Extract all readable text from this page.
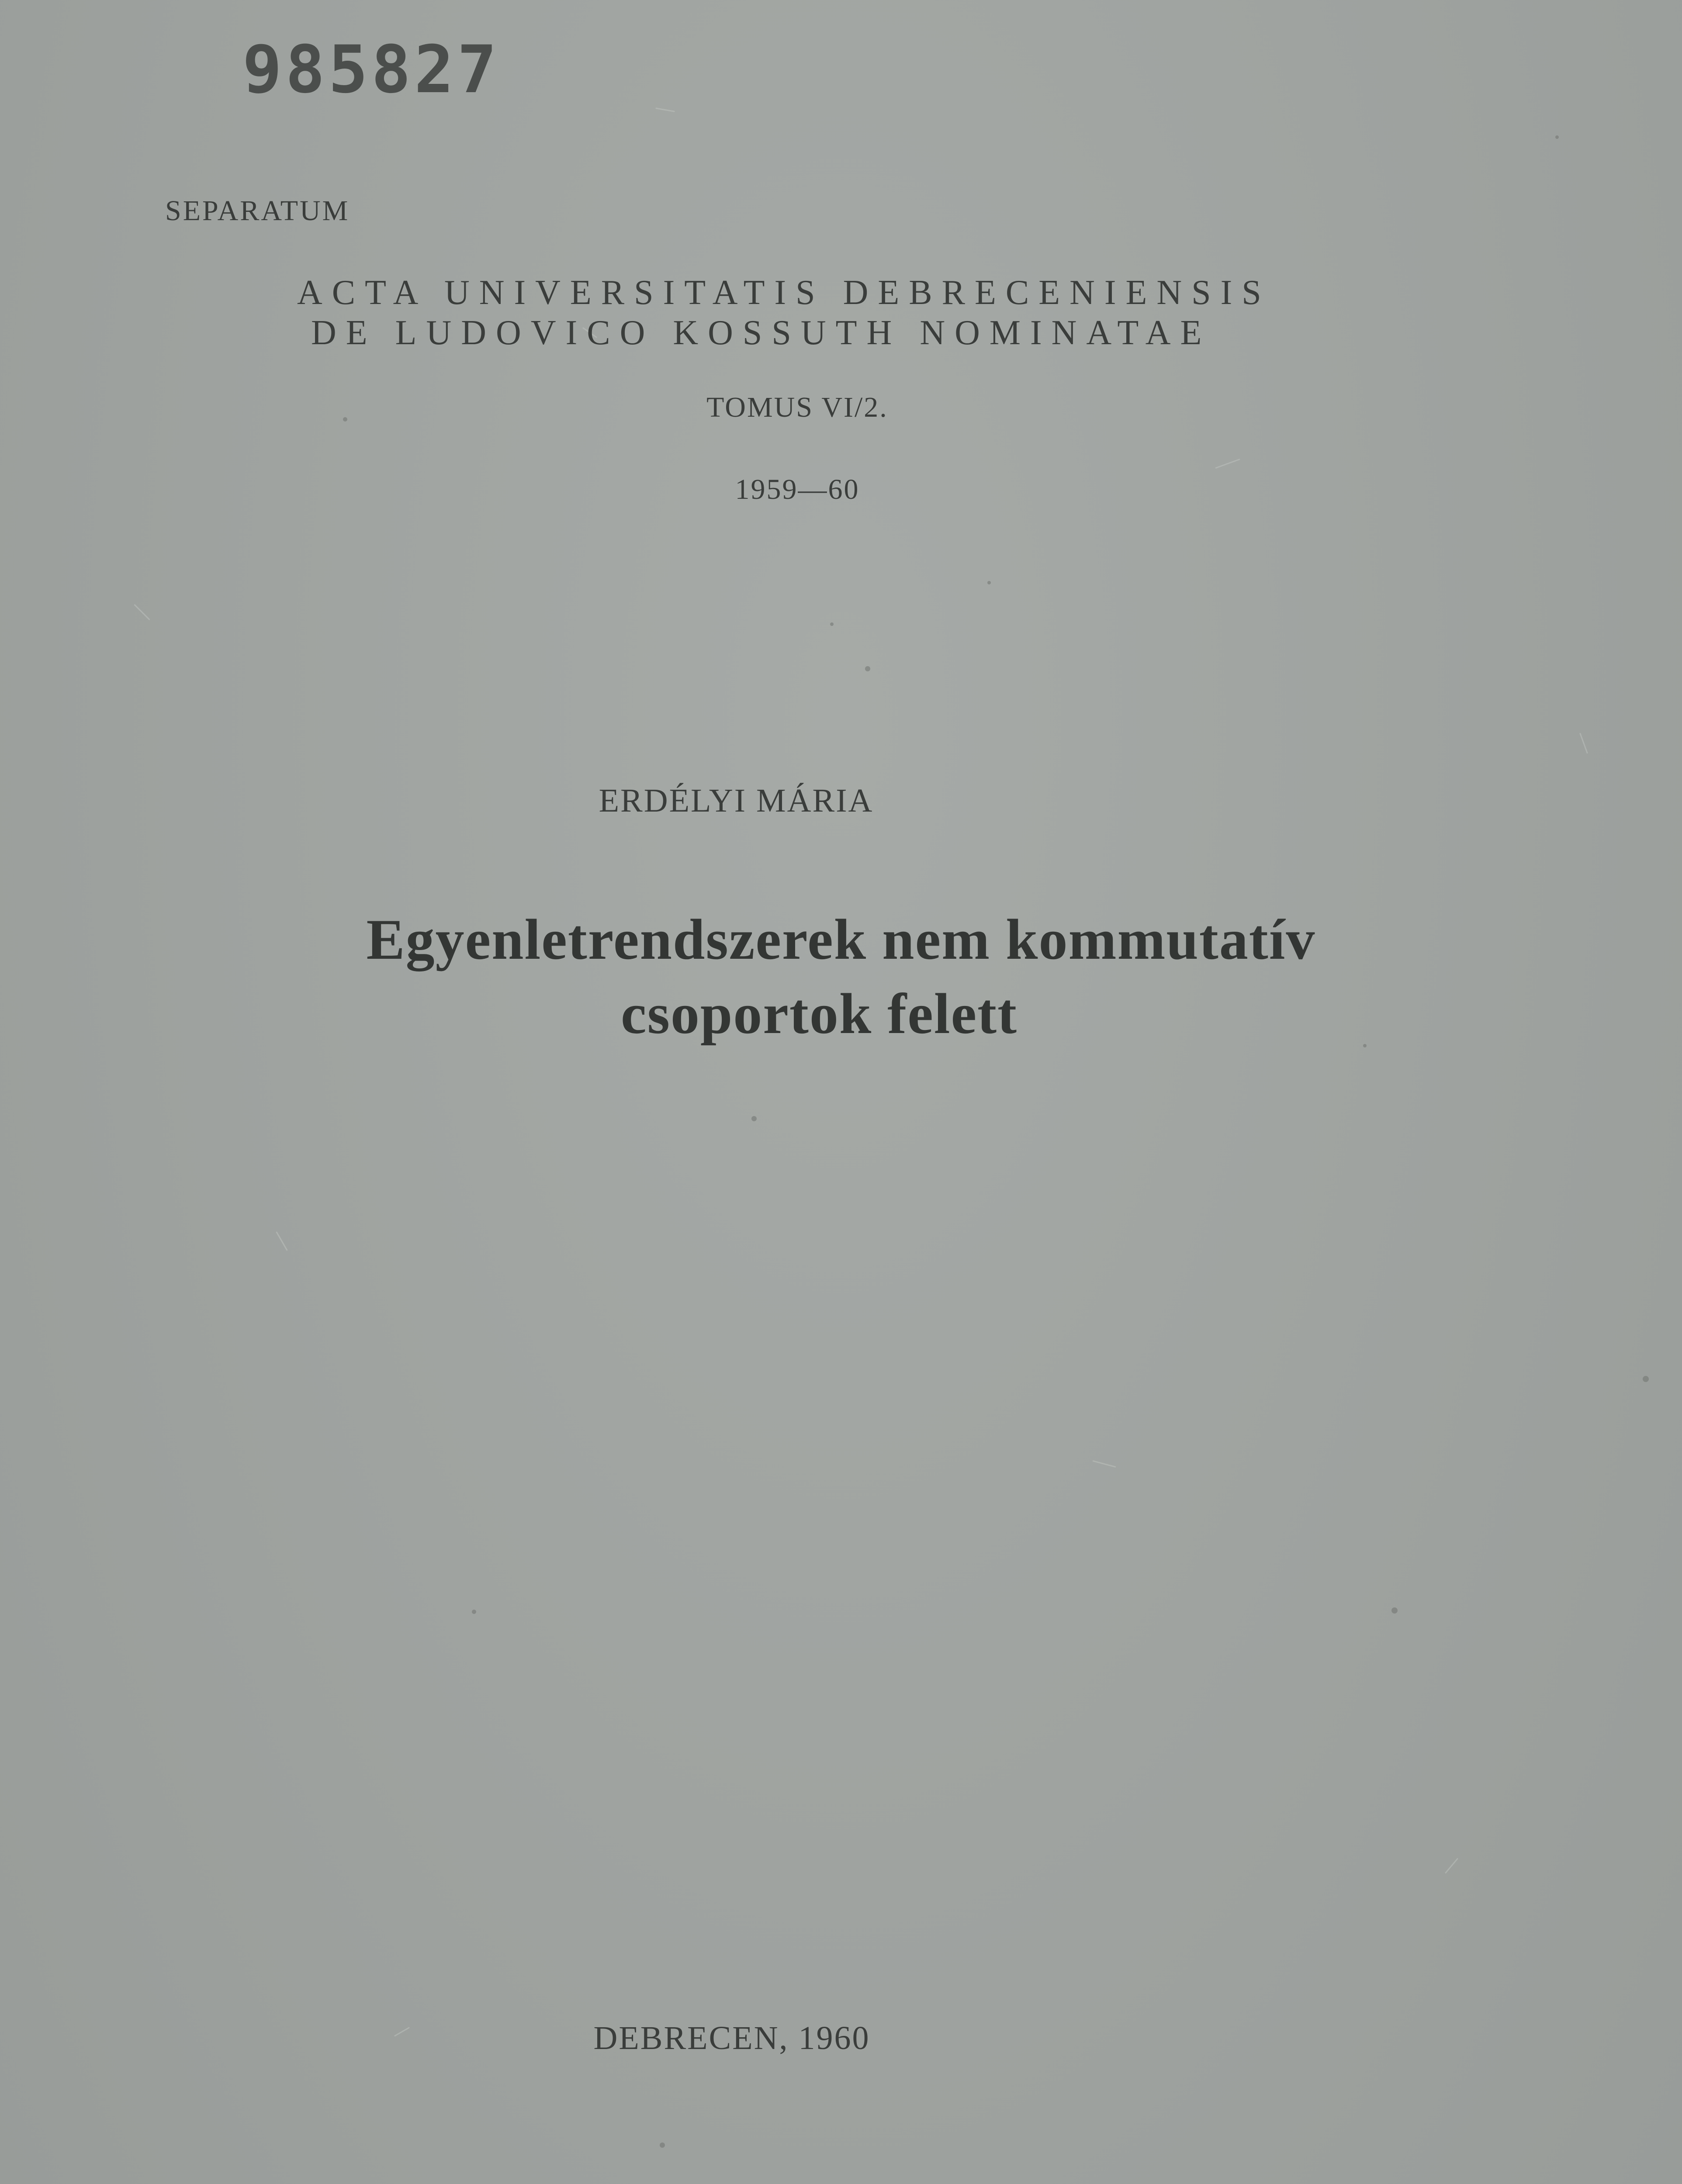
985827
SEPARATUM
ACTA UNIVERSITATIS DEBRECENIENSIS
DE LUDOVICO KOSSUTH NOMINATAE
TOMUS VI/2.
1959—60
ERDÉLYI MÁRIA
Egyenletrendszerek nem kommutatív
csoportok felett
DEBRECEN, 1960
